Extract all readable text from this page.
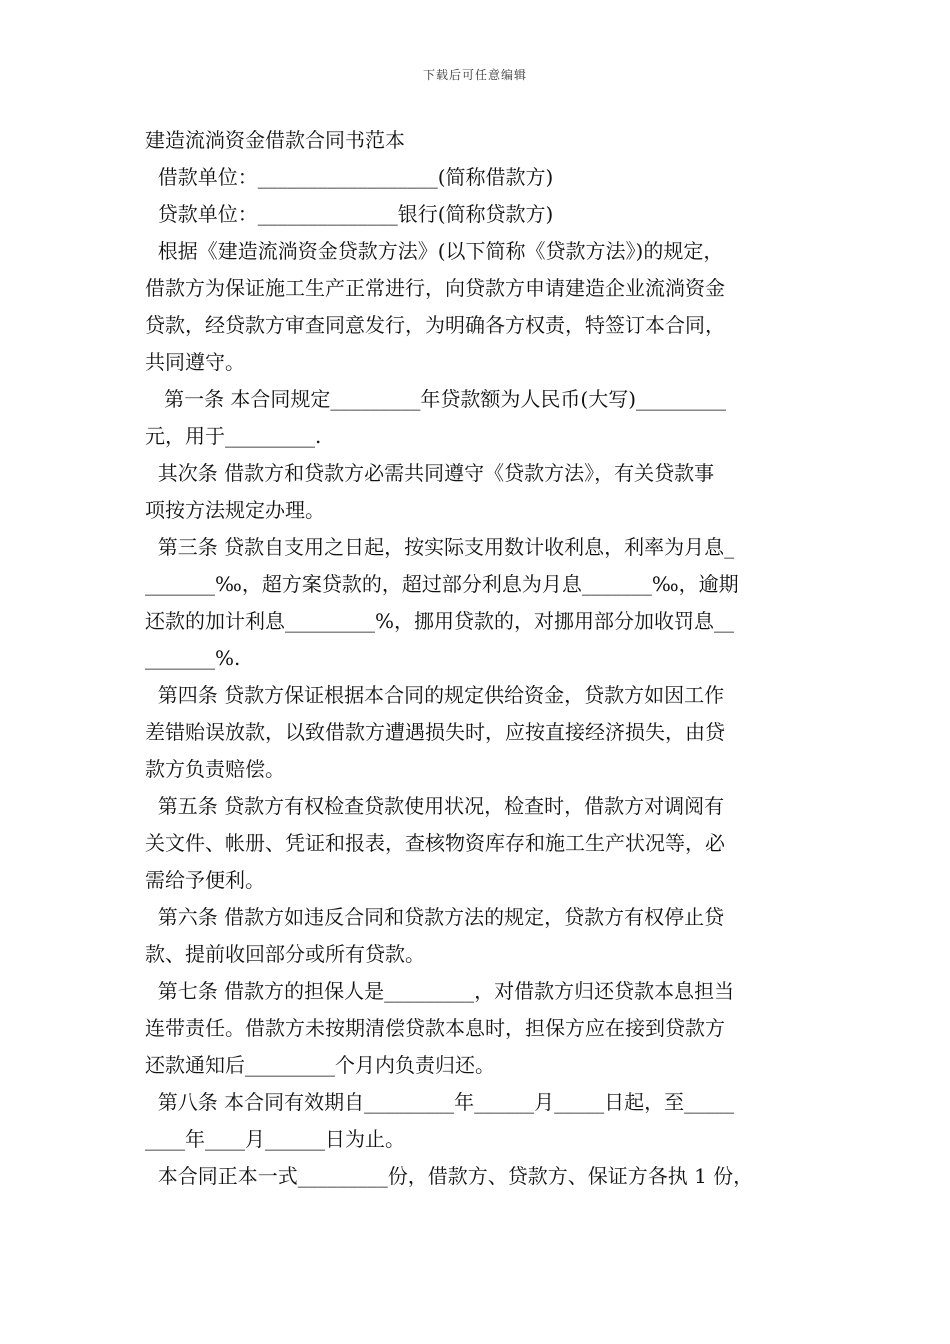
下载后可任意编辑
建造流淌资金借款合同书范本
借款单位：__________________(简称借款方)
贷款单位：______________银行(简称贷款方)
根据《建造流淌资金贷款方法》(以下简称《贷款方法》)的规定，
借款方为保证施工生产正常进行，向贷款方申请建造企业流淌资金
贷款，经贷款方审查同意发行，为明确各方权责，特签订本合同，
共同遵守。
第一条 本合同规定_________年贷款额为人民币(大写)_________
元，用于_________.
其次条 借款方和贷款方必需共同遵守《贷款方法》，有关贷款事
项按方法规定办理。
第三条 贷款自支用之日起，按实际支用数计收利息，利率为月息_
_______‰，超方案贷款的，超过部分利息为月息_______‰，逾期
还款的加计利息_________%，挪用贷款的，对挪用部分加收罚息__
_______%.
第四条 贷款方保证根据本合同的规定供给资金，贷款方如因工作
差错贻误放款，以致借款方遭遇损失时，应按直接经济损失，由贷
款方负责赔偿。
第五条 贷款方有权检查贷款使用状况，检查时，借款方对调阅有
关文件、帐册、凭证和报表，查核物资库存和施工生产状况等，必
需给予便利。
第六条 借款方如违反合同和贷款方法的规定，贷款方有权停止贷
款、提前收回部分或所有贷款。
第七条 借款方的担保人是_________，对借款方归还贷款本息担当
连带责任。借款方未按期清偿贷款本息时，担保方应在接到贷款方
还款通知后_________个月内负责归还。
第八条 本合同有效期自_________年______月_____日起，至_____
____年____月______日为止。
本合同正本一式_________份，借款方、贷款方、保证方各执 1 份，
